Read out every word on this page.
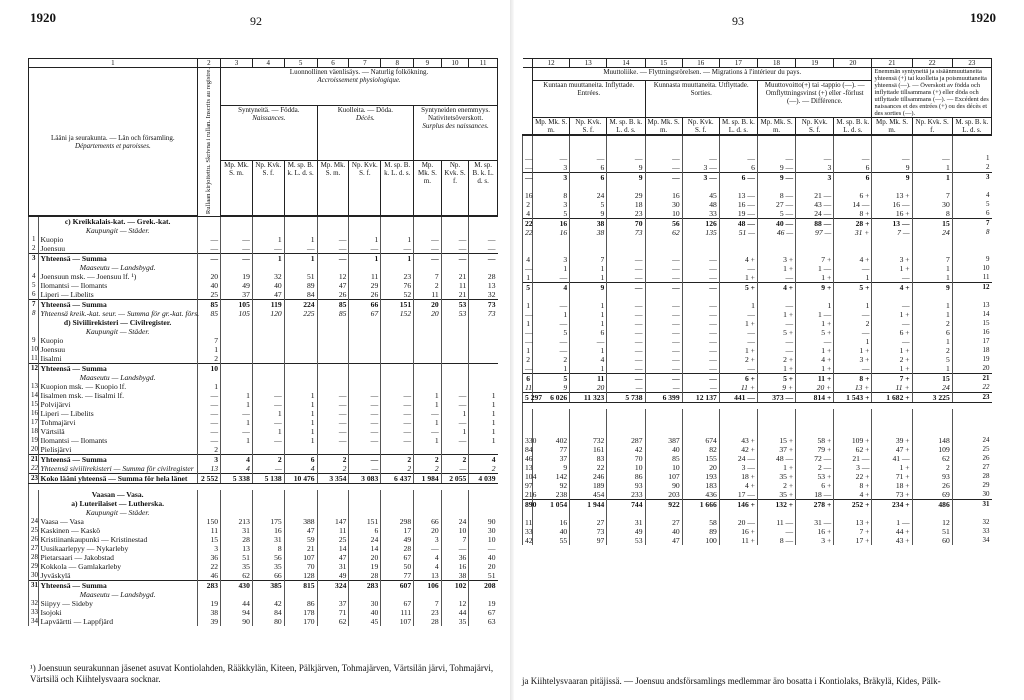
1920	92
1		2	3	4	5	6	7	8	9	10	11
Lääni ja seurakunta. — Län och församling.
Départements et paroisses.		Rullaan kirjoitettu. Skrivna i rullan. Inscrits au registre.	Luonnollinen väenlisäys. — Naturlig folkökning.
Accroissement physiologique.								
			Syntyneitä. — Födda.
Naissances.			Kuolleita. — Döda.
Décès.			Syntyneiden enemmyys. Nativitetsöverskott.
Surplus des naissances.		
			Mp. Mk. S. m.	Np. Kvk. S. f.	M. sp. B. k. L. d. s.	Mp. Mk. S. m.	Np. Kvk. S. f.	M. sp. B. k. L. d. s.	Mp. Mk. S. m.	Np. Kvk. S. f.	M. sp. B. k. L. d. s.

	c) Kreikkalais-kat. — Grek.-kat.										
	Kaupungit — Städer.										
1	Kuopio	—	—	1	1	—	1	1	—	—	—
2	Joensuu	—	—	—	—	—	—	—	—	—	—
3	Yhteensä — Summa	—	—	1	1	—	1	1	—	—	—
	Maaseutu — Landsbygd.										
4	Joensuun msk. — Joensuu lf. ¹)	20	19	32	51	12	11	23	7	21	28
5	Ilomantsi — Ilomants	40	49	40	89	47	29	76	2	11	13
6	Liperi — Libelits	25	37	47	84	26	26	52	11	21	32
7	Yhteensä — Summa	85	105	119	224	85	66	151	20	53	73
8	Yhteensä kreik.-kat. seur. — Summa för gr.-kat. förs.	85	105	120	225	85	67	152	20	53	73
	d) Siviilirekisteri — Civilregister.										
	Kaupungit — Städer.										
9	Kuopio	7									
10	Joensuu	1									
11	Iisalmi	2									
12	Yhteensä — Summa	10									
	Maaseutu — Landsbygd.										
13	Kuopion msk. — Kuopio lf.	1									
14	Iisalmen msk. — Iisalmi lf.	—	1	—	1	—	—	—	1	—	1
15	Polvijärvi	—	1	—	1	—	—	—	1	—	1
16	Liperi — Libelits	—	—	1	1	—	—	—	—	1	1
17	Tohmajärvi	—	1	—	1	—	—	—	1	—	1
18	Värtsilä	—	—	1	1	—	—	—	—	1	1
19	Ilomantsi — Ilomants	—	1	—	1	—	—	—	1	—	1
20	Pielisjärvi	2									
21	Yhteensä — Summa	3	4	2	6	2	—	2	2	2	4
22	Yhteensä siviilirekisteri — Summa för civilregister	13	4	—	4	2	—	2	2	—	2
23	Koko lääni yhteensä — Summa för hela länet	2 552	5 338	5 138	10 476	3 354	3 083	6 437	1 984	2 055	4 039

	Vaasan — Vasa.										
	a) Luterilaiset — Lutherska.										
	Kaupungit — Städer.										
24	Vaasa — Vasa	150	213	175	388	147	151	298	66	24	90
25	Kaskinen — Kaskö	11	31	16	47	11	6	17	20	10	30
26	Kristiinankaupunki — Kristinestad	15	28	31	59	25	24	49	3	7	10
27	Uusikaarlepyy — Nykarleby	3	13	8	21	14	14	28	—	—	—
28	Pietarsaari — Jakobstad	36	51	56	107	47	20	67	4	36	40
29	Kokkola — Gamlakarleby	22	35	35	70	31	19	50	4	16	20
30	Jyväskylä	46	62	66	128	49	28	77	13	38	51
31	Yhteensä — Summa	283	430	385	815	324	283	607	106	102	208
	Maaseutu — Landsbygd.										
32	Siipyy — Sideby	19	44	42	86	37	30	67	7	12	19
33	Isojoki	38	94	84	178	71	40	111	23	44	67
34	Lapväärtti — Lappfjärd	39	90	80	170	62	45	107	28	35	63
¹) Joensuun seurakunnan jäsenet asuvat Kontiolahden, Rääkkylän, Kiteen, Pälkjärven, Tohmajärven, Värtsilän järvi, Tohmajärvi, Värtsilä och Kiihtelysvaara socknar.
93	1920
	12	13	14	15	16	17	18	19	20	21	22	23
	Muuttoliike. — Flyttningsrörelsen. — Migrations à l'intérieur du pays.									Enemmän syntyneitä ja sisäänmuuttaneita yhteensä (+) tai kuolleita ja poismuuttaneita yhteensä (—). — Överskott av födda och inflyttade tillsammans (+) eller döda och utflyttade tillsammans (—). — Excédent des naissances et des entrées (+) ou des décès et des sorties (—).		
	Kuntaan muuttaneita. Inflyttade. Entrées.			Kunnasta muuttaneita. Utflyttade. Sorties.			Muuttovoitto(+) tai -tappio (—). — Omflyttningsvinst (+) eller -förlust (—). — Différence.					
	Mp. Mk. S. m.	Np. Kvk. S. f.	M. sp. B. k. L. d. s.	Mp. Mk. S. m.	Np. Kvk. S. f.	M. sp. B. k. L. d. s.	Mp. Mk. S. m.	Np. Kvk. S. f.	M. sp. B. k. L. d. s.	Mp. Mk. S. m.	Np. Kvk. S. f.	M. sp. B. k. L. d. s.

—	—	—	—	—	—	—	—	—	—	—	—	1
—	3	6	9	—	3 —	6	9 —	3	6	9	1	2
—	3	6	9	—	3 —	6 —	9 —	3	6	9	1	3

16	8	24	29	16	45	13 —	8 —	21 —	6 +	13 +	7	4
2	3	5	18	30	48	16 —	27 —	43 —	14 —	16 —	30	5
4	5	9	23	10	33	19 —	5 —	24 —	8 +	16 +	8	6
22	16	38	70	56	126	48 —	40 —	88 —	28 +	13 —	15	7
22	16	38	73	62	135	51 —	46 —	97 —	31 +	7 —	24	8

4	3	7	—	—	—	4 +	3 +	7 +	4 +	3 +	7	9
—	1	1	—	—	—	—	1 +	1 —	—	1 +	1	10
1	—	1	—	—	—	1 +	—	1 +	1	—	1	11
5	4	9	—	—	—	5 +	4 +	9 +	5 +	4 +	9	12

1	—	1	—	—	—	1	—	1	1	—	1	13
—	1	1	—	—	—	—	1 +	1 —	—	1 +	1	14
1	—	1	—	—	—	1 +	—	1 +	2	—	2	15
—	5	6	—	—	—	—	5 +	5 +	—	6 +	6	16
—	—	—	—	—	—	—	—	—	1	—	1	17
1	—	1	—	—	—	1 +	—	1 +	1 +	1 +	2	18
2	2	4	—	—	—	2 +	2 +	4 +	3 +	2 +	5	19
—	1	1	—	—	—	—	1 +	1 +	—	1 +	1	20
6	5	11	—	—	—	6 +	5 +	11 +	8 +	7 +	15	21
11	9	20	—	—	—	11 +	9 +	20 +	13 +	11 +	24	22
5 297	6 026	11 323	5 738	6 399	12 137	441 —	373 —	814 +	1 543 +	1 682 +	3 225	23

330	402	732	287	387	674	43 +	15 +	58 +	109 +	39 +	148	24
84	77	161	42	40	82	42 +	37 +	79 +	62 +	47 +	109	25
46	37	83	70	85	155	24 —	48 —	72 —	21 —	41 —	62	26
13	9	22	10	10	20	3 —	1 +	2 —	3 —	1 +	2	27
104	142	246	86	107	193	18 +	35 +	53 +	22 +	71 +	93	28
97	92	189	93	90	183	4 +	2 +	6 +	8 +	18 +	26	29
216	238	454	233	203	436	17 —	35 +	18 —	4 +	73 +	69	30
890	1 054	1 944	744	922	1 666	146 +	132 +	278 +	252 +	234 +	486	31

11	16	27	31	27	58	20 —	11 —	31 —	13 +	1 —	12	32
33	40	73	49	40	89	16 +	—	16 +	7 +	44 +	51	33
42	55	97	53	47	100	11 +	8 —	3 +	17 +	43 +	60	34
ja Kiihtelysvaaran pitäjissä. — Joensuu andsförsamlings medlemmar äro bosatta i Kontiolaks, Bräkylä, Kides, Pälk-
